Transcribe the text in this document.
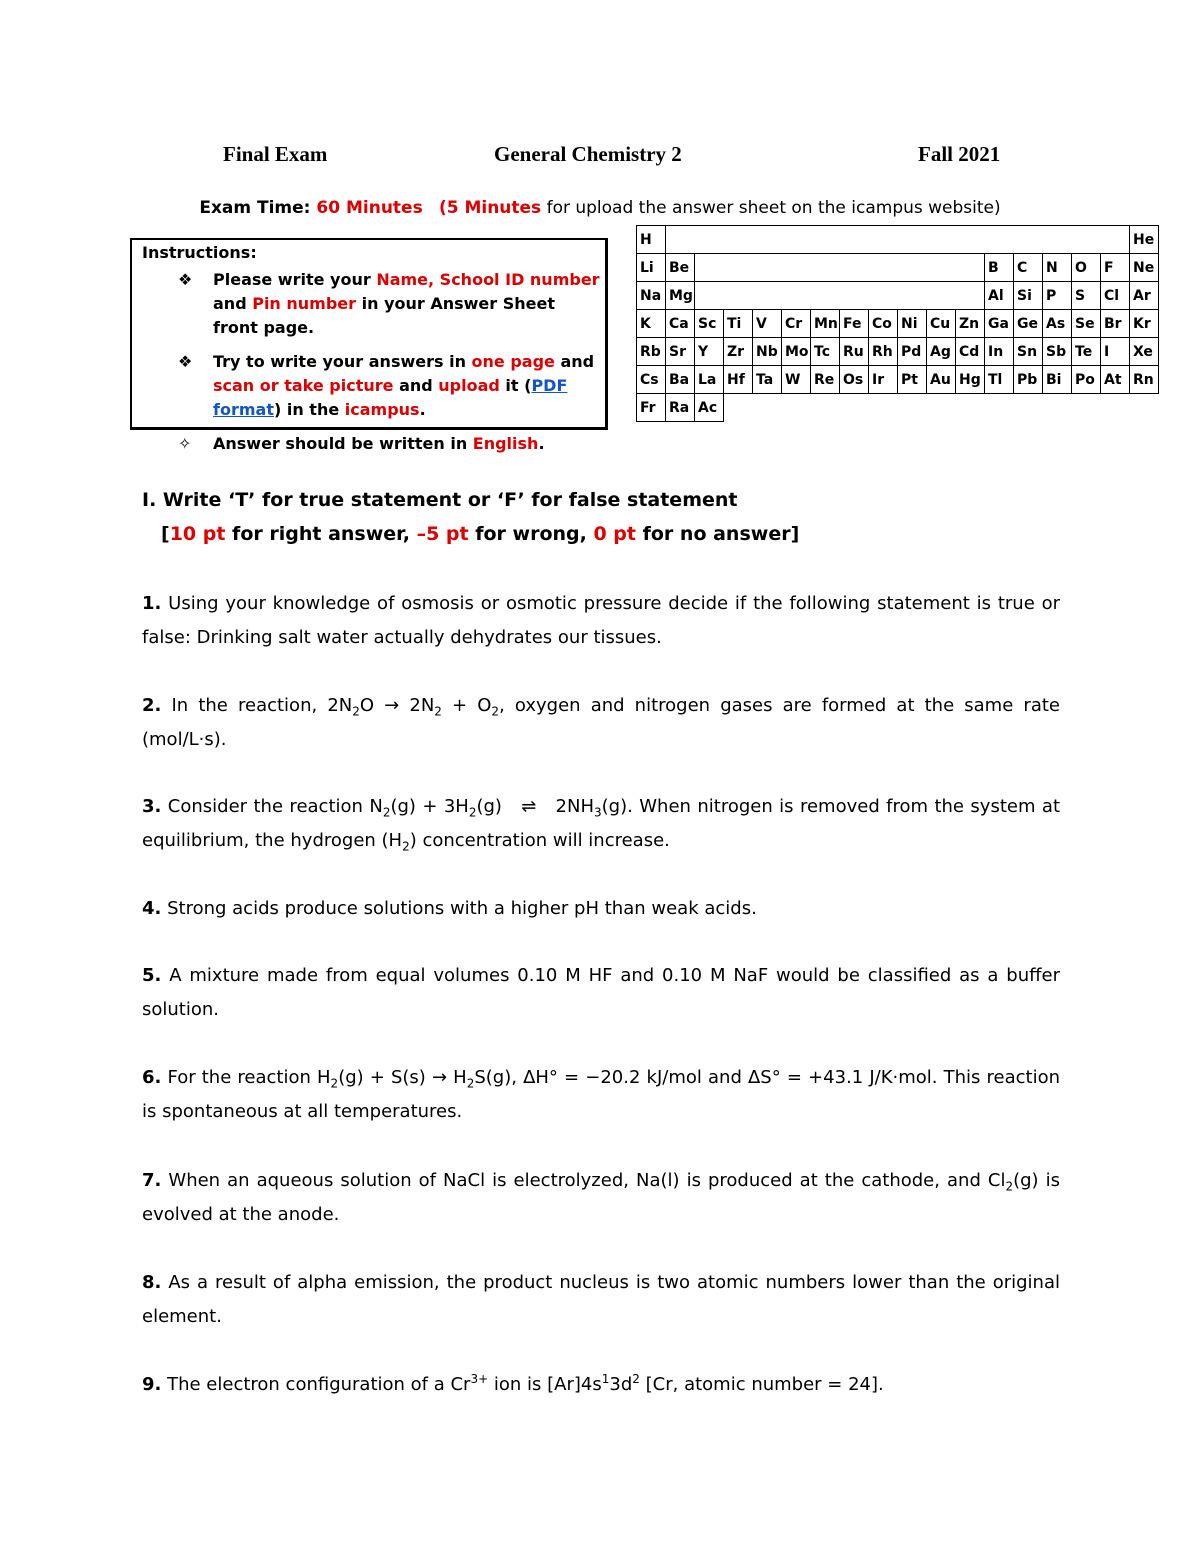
Final Exam	General Chemistry 2	Fall 2021
Exam Time: 60 Minutes (5 Minutes for upload the answer sheet on the icampus website)
Instructions:
❖ Please write your Name, School ID number and Pin number in your Answer Sheet front page.
❖ Try to write your answers in one page and scan or take picture and upload it (PDF format) in the icampus.
✧ Answer should be written in English.
H																	He
Li	Be											B	C	N	O	F	Ne
Na	Mg											Al	Si	P	S	Cl	Ar
K	Ca	Sc	Ti	V	Cr	Mn	Fe	Co	Ni	Cu	Zn	Ga	Ge	As	Se	Br	Kr
Rb	Sr	Y	Zr	Nb	Mo	Tc	Ru	Rh	Pd	Ag	Cd	In	Sn	Sb	Te	I	Xe
Cs	Ba	La	Hf	Ta	W	Re	Os	Ir	Pt	Au	Hg	Tl	Pb	Bi	Po	At	Rn
Fr	Ra	Ac															
I. Write ‘T’ for true statement or ‘F’ for false statement
[10 pt for right answer, –5 pt for wrong, 0 pt for no answer]
1. Using your knowledge of osmosis or osmotic pressure decide if the following statement is true or false: Drinking salt water actually dehydrates our tissues.
2. In the reaction, $2N_2O \to 2N_2 + O_2$, oxygen and nitrogen gases are formed at the same rate (mol/L·s).
3. Consider the reaction $N_2(g) + 3H_2(g)$   ⇌   $2NH_3(g)$. When nitrogen is removed from the system at equilibrium, the hydrogen $(H_2)$ concentration will increase.
4. Strong acids produce solutions with a higher pH than weak acids.
5. A mixture made from equal volumes 0.10 M HF and 0.10 M NaF would be classified as a buffer solution.
6. For the reaction $H_2(g) + S(s) \to H_2S(g)$, ΔH° = −20.2 kJ/mol and ΔS° = +43.1 J/K·mol. This reaction is spontaneous at all temperatures.
7. When an aqueous solution of NaCl is electrolyzed, Na(l) is produced at the cathode, and $Cl_2(g)$ is evolved at the anode.
8. As a result of alpha emission, the product nucleus is two atomic numbers lower than the original element.
9. The electron configuration of a $Cr^{3+}$ ion is $[Ar]4s^13d^2$ [Cr, atomic number = 24].
